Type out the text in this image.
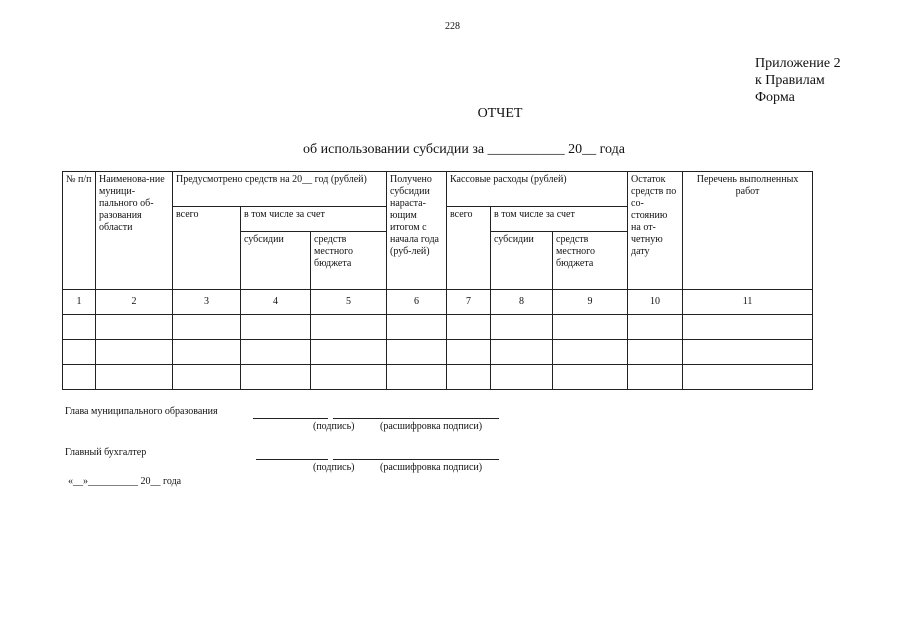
228
Приложение 2
к Правилам
Форма
ОТЧЕТ
об использовании субсидии за ___________ 20__ года
№ п/п	Наименова-ние муници-пального об-разования области	Предусмотрено средств на 20__ год (рублей)			Получено субсидии нараста-ющим итогом с начала года (руб-лей)	Кассовые расходы (рублей)			Остаток средств по со-стоянию на от-четную дату	Перечень выполненных работ
		всего	в том числе за счет			всего	в том числе за счет			
			субсидии	средств местного бюджета			субсидии	средств местного бюджета		
1	2	3	4	5	6	7	8	9	10	11

Глава муниципального образования
(подпись)	(расшифровка подписи)
Главный бухгалтер
(подпись)	(расшифровка подписи)
«__»__________ 20__ года
